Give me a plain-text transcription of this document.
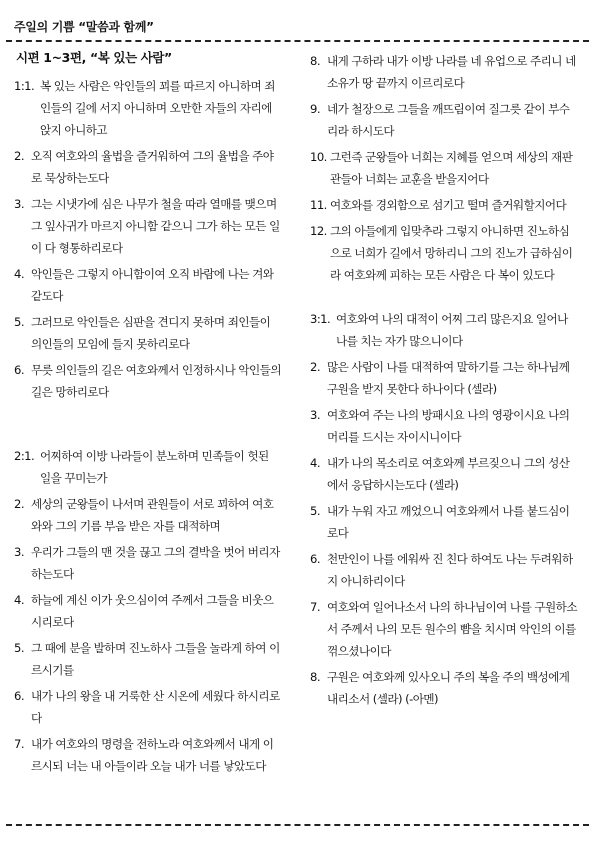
주일의 기쁨 “말씀과 함께”
시편 1~3편, “복 있는 사람”
1:1. 복 있는 사람은 악인들의 꾀를 따르지 아니하며 죄인들의 길에 서지 아니하며 오만한 자들의 자리에 앉지 아니하고
2. 오직 여호와의 율법을 즐거워하여 그의 율법을 주야로 묵상하는도다
3. 그는 시냇가에 심은 나무가 철을 따라 열매를 맺으며 그 잎사귀가 마르지 아니함 같으니 그가 하는 모든 일이 다 형통하리로다
4. 악인들은 그렇지 아니함이여 오직 바람에 나는 겨와 같도다
5. 그러므로 악인들은 심판을 견디지 못하며 죄인들이 의인들의 모임에 들지 못하리로다
6. 무릇 의인들의 길은 여호와께서 인정하시나 악인들의 길은 망하리로다
2:1. 어찌하여 이방 나라들이 분노하며 민족들이 헛된 일을 꾸미는가
2. 세상의 군왕들이 나서며 관원들이 서로 꾀하여 여호와와 그의 기름 부음 받은 자를 대적하며
3. 우리가 그들의 맨 것을 끊고 그의 결박을 벗어 버리자 하는도다
4. 하늘에 계신 이가 웃으심이여 주께서 그들을 비웃으시리로다
5. 그 때에 분을 발하며 진노하사 그들을 놀라게 하여 이르시기를
6. 내가 나의 왕을 내 거룩한 산 시온에 세웠다 하시리로다
7. 내가 여호와의 명령을 전하노라 여호와께서 내게 이르시되 너는 내 아들이라 오늘 내가 너를 낳았도다
8. 내게 구하라 내가 이방 나라를 네 유업으로 주리니 네 소유가 땅 끝까지 이르리로다
9. 네가 철장으로 그들을 깨뜨림이여 질그릇 같이 부수리라 하시도다
10. 그런즉 군왕들아 너희는 지혜를 얻으며 세상의 재판관들아 너희는 교훈을 받을지어다
11. 여호와를 경외함으로 섬기고 떨며 즐거워할지어다
12. 그의 아들에게 입맞추라 그렇지 아니하면 진노하심으로 너희가 길에서 망하리니 그의 진노가 급하심이라 여호와께 피하는 모든 사람은 다 복이 있도다
3:1. 여호와여 나의 대적이 어찌 그리 많은지요 일어나 나를 치는 자가 많으니이다
2. 많은 사람이 나를 대적하여 말하기를 그는 하나님께 구원을 받지 못한다 하나이다 (셀라)
3. 여호와여 주는 나의 방패시요 나의 영광이시요 나의 머리를 드시는 자이시니이다
4. 내가 나의 목소리로 여호와께 부르짖으니 그의 성산에서 응답하시는도다 (셀라)
5. 내가 누워 자고 깨었으니 여호와께서 나를 붙드심이로다
6. 천만인이 나를 에워싸 진 친다 하여도 나는 두려워하지 아니하리이다
7. 여호와여 일어나소서 나의 하나님이여 나를 구원하소서 주께서 나의 모든 원수의 뺨을 치시며 악인의 이를 꺾으셨나이다
8. 구원은 여호와께 있사오니 주의 복을 주의 백성에게 내리소서 (셀라) (-아멘)
